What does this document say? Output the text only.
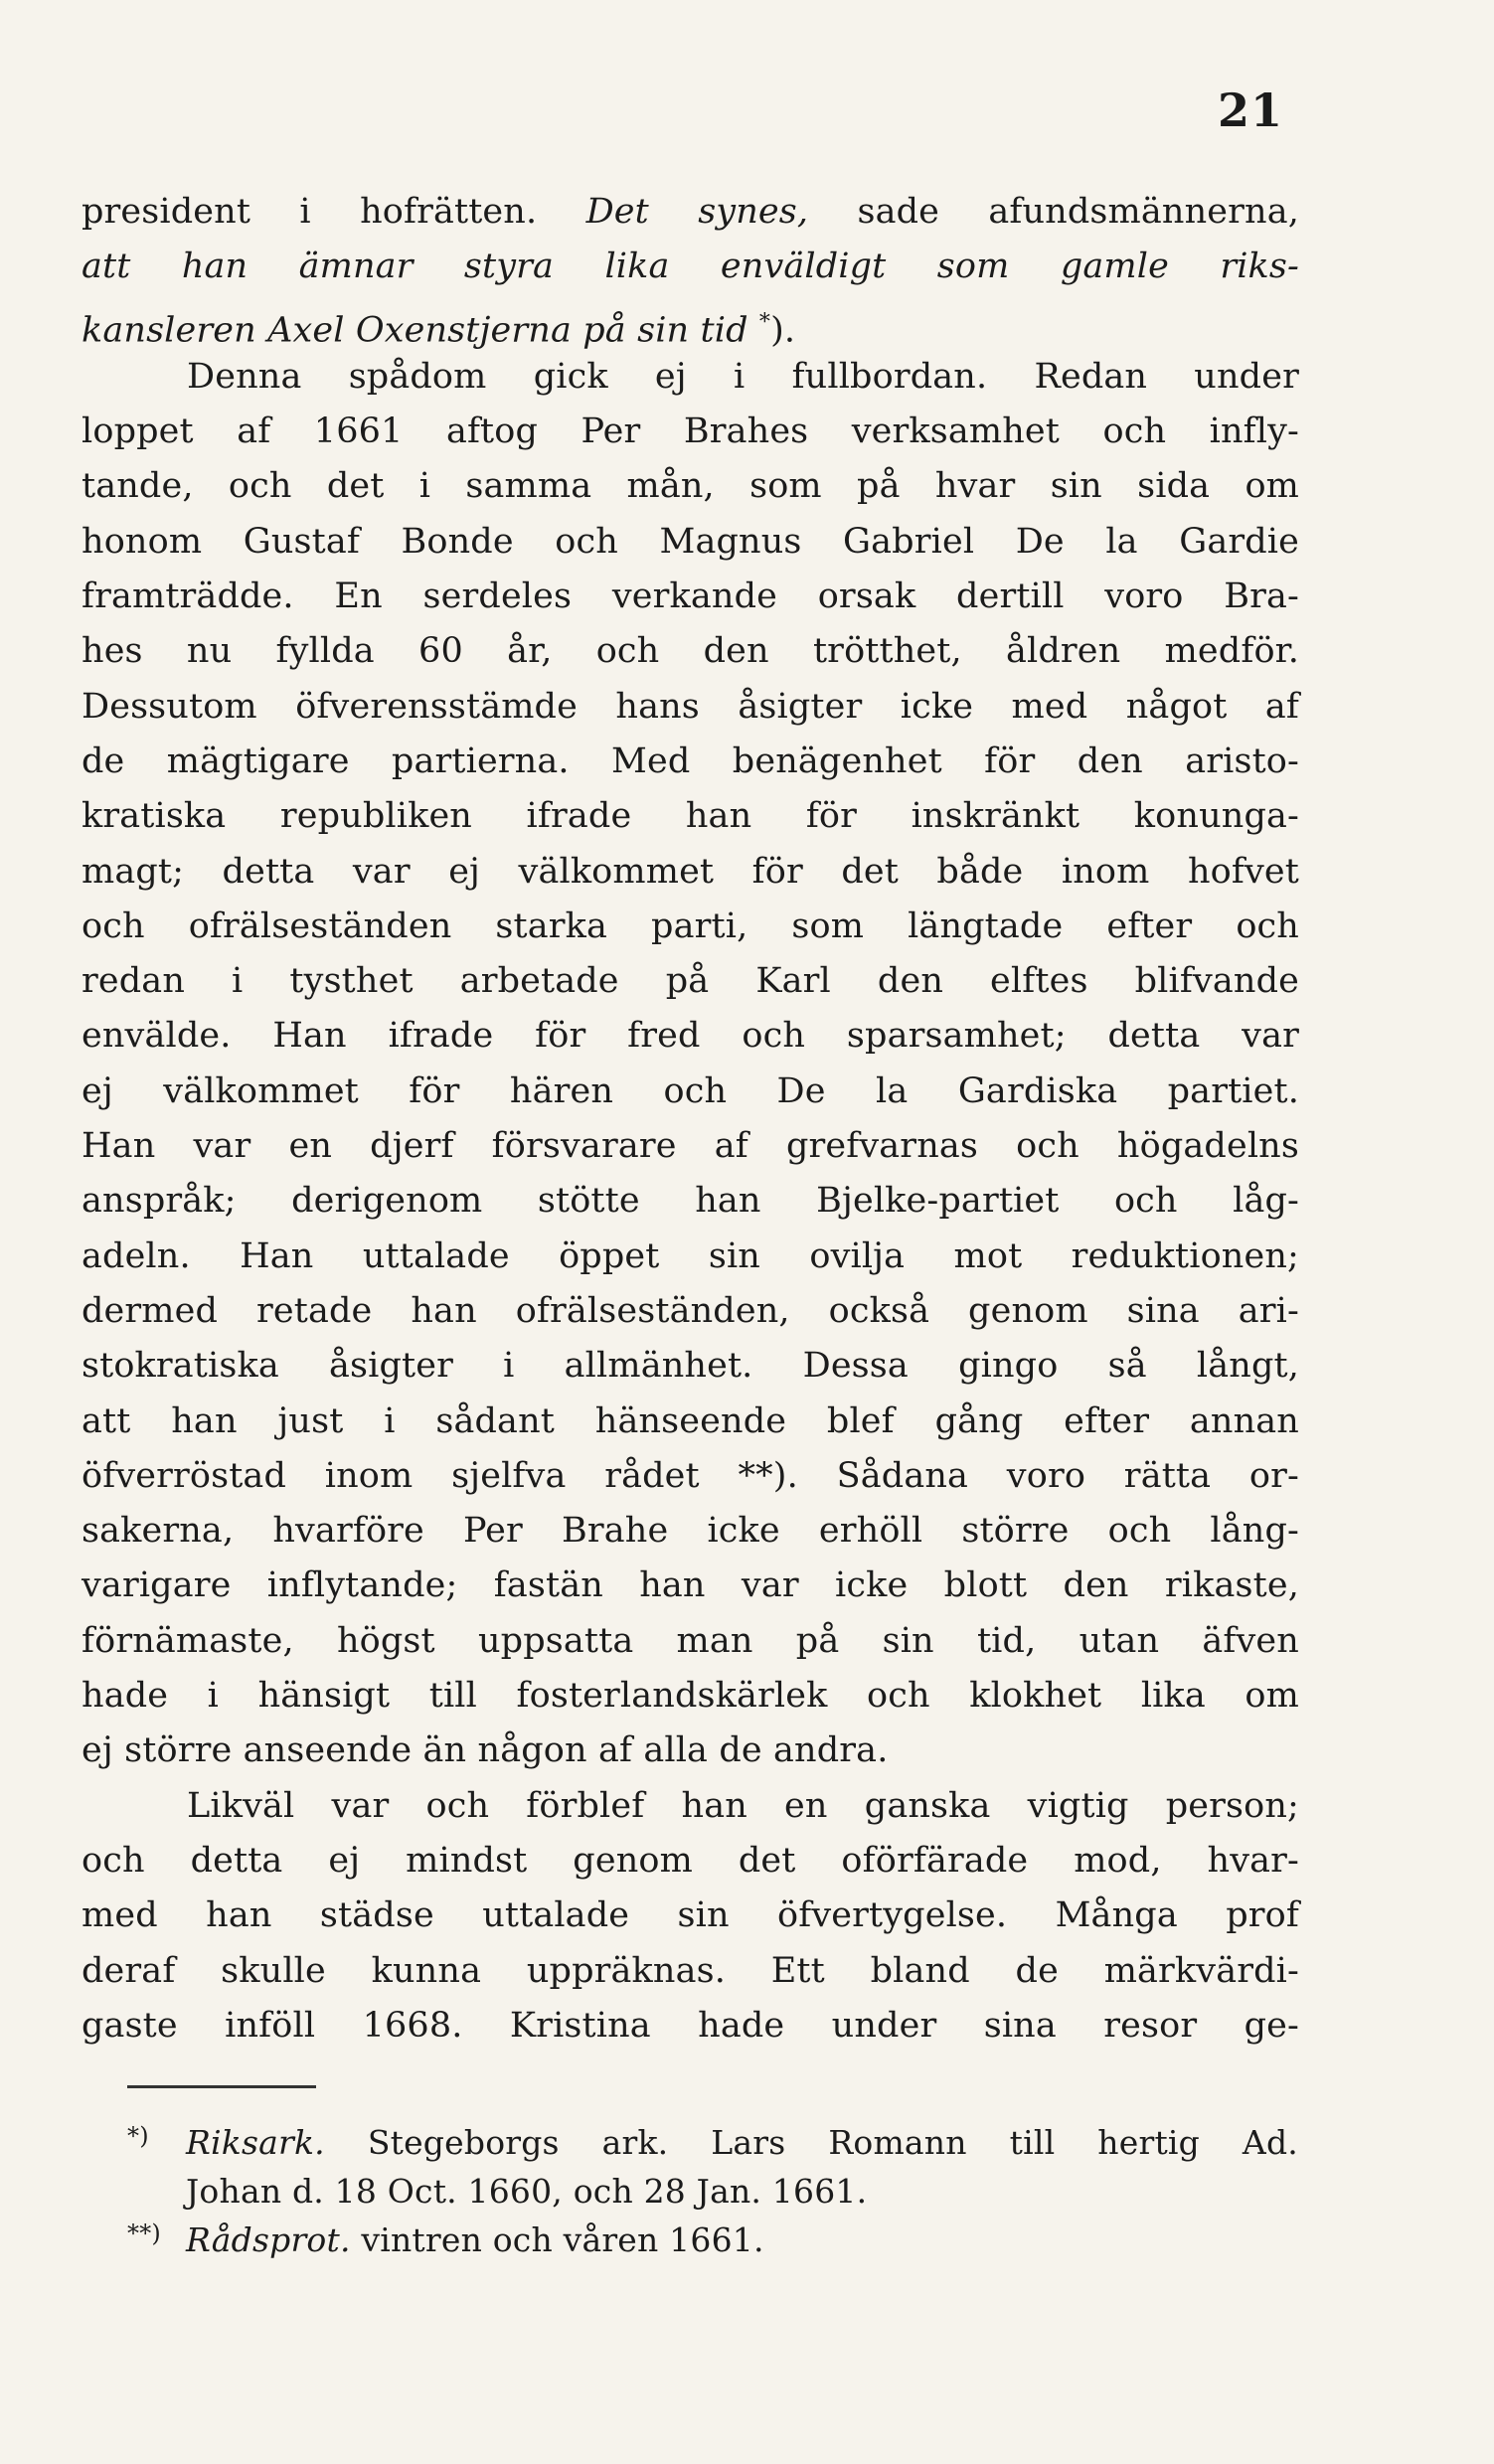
21
president i hofrätten. Det synes, sade afundsmännerna,
att han ämnar styra lika enväldigt som gamle riks-
kansleren Axel Oxenstjerna på sin tid *).
Denna spådom gick ej i fullbordan. Redan under
loppet af 1661 aftog Per Brahes verksamhet och infly-
tande, och det i samma mån, som på hvar sin sida om
honom Gustaf Bonde och Magnus Gabriel De la Gardie
framträdde. En serdeles verkande orsak dertill voro Bra-
hes nu fyllda 60 år, och den trötthet, åldren medför.
Dessutom öfverensstämde hans åsigter icke med något af
de mägtigare partierna. Med benägenhet för den aristo-
kratiska republiken ifrade han för inskränkt konunga-
magt; detta var ej välkommet för det både inom hofvet
och ofrälseständen starka parti, som längtade efter och
redan i tysthet arbetade på Karl den elftes blifvande
envälde. Han ifrade för fred och sparsamhet; detta var
ej välkommet för hären och De la Gardiska partiet.
Han var en djerf försvarare af grefvarnas och högadelns
anspråk; derigenom stötte han Bjelke-partiet och låg-
adeln. Han uttalade öppet sin ovilja mot reduktionen;
dermed retade han ofrälseständen, också genom sina ari-
stokratiska åsigter i allmänhet. Dessa gingo så långt,
att han just i sådant hänseende blef gång efter annan
öfverröstad inom sjelfva rådet **). Sådana voro rätta or-
sakerna, hvarföre Per Brahe icke erhöll större och lång-
varigare inflytande; fastän han var icke blott den rikaste,
förnämaste, högst uppsatta man på sin tid, utan äfven
hade i hänsigt till fosterlandskärlek och klokhet lika om
ej större anseende än någon af alla de andra.
Likväl var och förblef han en ganska vigtig person;
och detta ej mindst genom det oförfärade mod, hvar-
med han städse uttalade sin öfvertygelse. Många prof
deraf skulle kunna uppräknas. Ett bland de märkvärdi-
gaste inföll 1668. Kristina hade under sina resor ge-
*) Riksark. Stegeborgs ark. Lars Romann till hertig Ad.
Johan d. 18 Oct. 1660, och 28 Jan. 1661.
**) Rådsprot. vintren och våren 1661.
